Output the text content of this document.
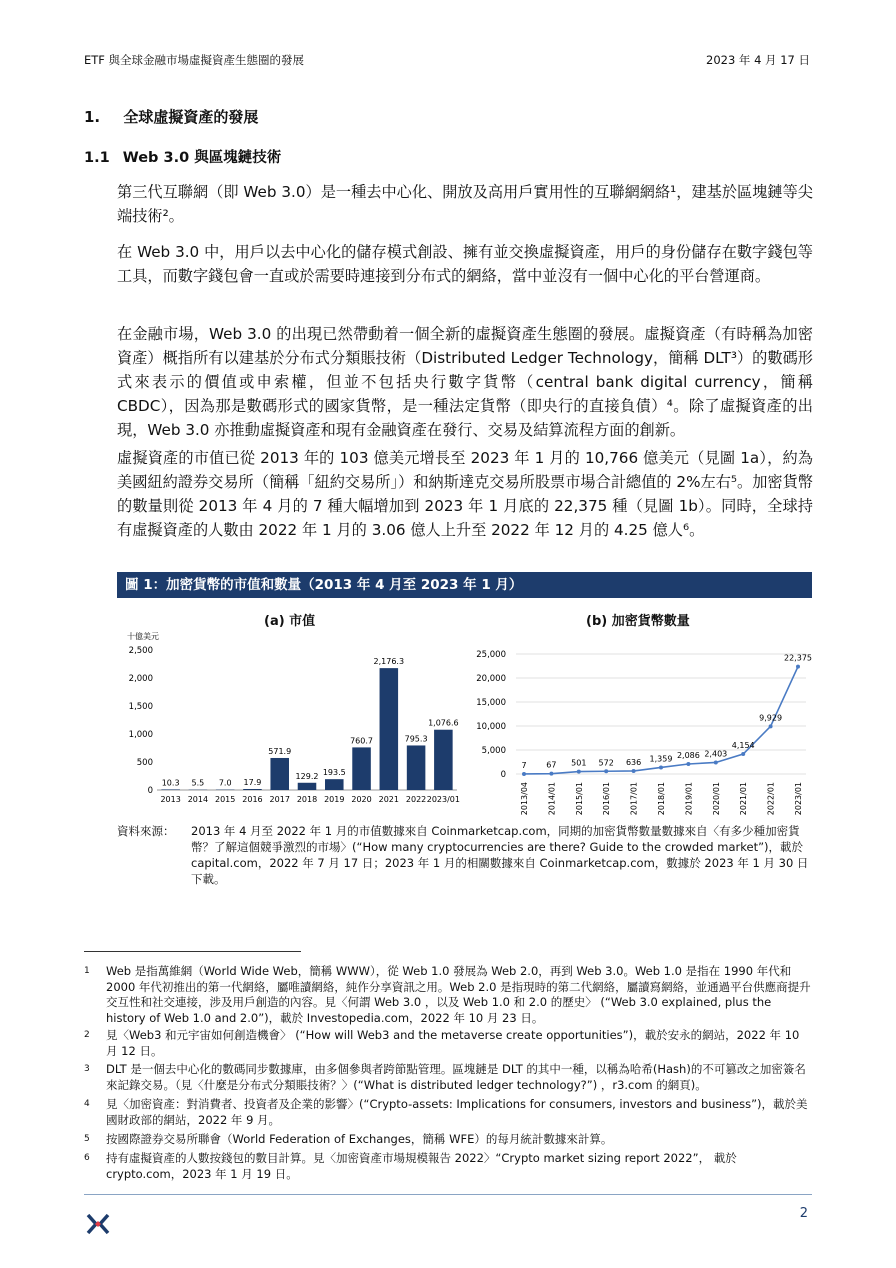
ETF 與全球金融市場虛擬資產生態圈的發展	2023 年 4 月 17 日
1. 全球虛擬資產的發展
1.1 Web 3.0 與區塊鏈技術
第三代互聯網（即 Web 3.0）是一種去中心化、開放及高用戶實用性的互聯網網絡¹，建基於區塊鏈等尖端技術²。
在 Web 3.0 中，用戶以去中心化的儲存模式創設、擁有並交換虛擬資產，用戶的身份儲存在數字錢包等工具，而數字錢包會一直或於需要時連接到分布式的網絡，當中並沒有一個中心化的平台營運商。
在金融市場，Web 3.0 的出現已然帶動着一個全新的虛擬資產生態圈的發展。虛擬資產（有時稱為加密資產）概指所有以建基於分布式分類賬技術（Distributed Ledger Technology，簡稱 DLT³）的數碼形式來表示的價值或申索權，但並不包括央行數字貨幣（central bank digital currency，簡稱 CBDC），因為那是數碼形式的國家貨幣，是一種法定貨幣（即央行的直接負債）⁴。除了虛擬資產的出現，Web 3.0 亦推動虛擬資產和現有金融資產在發行、交易及結算流程方面的創新。
虛擬資產的市值已從 2013 年的 103 億美元增長至 2023 年 1 月的 10,766 億美元（見圖 1a），約為美國紐約證券交易所（簡稱「紐約交易所」）和納斯達克交易所股票市場合計總值的 2%左右⁵。加密貨幣的數量則從 2013 年 4 月的 7 種大幅增加到 2023 年 1 月底的 22,375 種（見圖 1b）。同時，全球持有虛擬資產的人數由 2022 年 1 月的 3.06 億人上升至 2022 年 12 月的 4.25 億人⁶。
圖 1：加密貨幣的市值和數量（2013 年 4 月至 2023 年 1 月）
(a) 市值	(b) 加密貨幣數量
十億美元
0
500
1,000
1,500
2,000
2,500
10.3
2013
5.5
2014
7.0
2015
17.9
2016
571.9
2017
129.2
2018
193.5
2019
760.7
2020
2,176.3
2021
795.3
2022
1,076.6
2023/01
0
5,000
10,000
15,000
20,000
25,000
7
2013/04
67
2014/01
501
2015/01
572
2016/01
636
2017/01
1,359
2018/01
2,086
2019/01
2,403
2020/01
4,154
2021/01
9,929
2022/01
22,375
2023/01
資料來源： 2013 年 4 月至 2022 年 1 月的市值數據來自 Coinmarketcap.com，同期的加密貨幣數量數據來自〈有多少種加密貨幣？了解這個競爭激烈的市場〉(“How many cryptocurrencies are there? Guide to the crowded market”)，載於 capital.com，2022 年 7 月 17 日；2023 年 1 月的相關數據來自 Coinmarketcap.com，數據於 2023 年 1 月 30 日下載。
1 Web 是指萬維網（World Wide Web，簡稱 WWW），從 Web 1.0 發展為 Web 2.0，再到 Web 3.0。Web 1.0 是指在 1990 年代和 2000 年代初推出的第一代網絡，屬唯讀網絡，純作分享資訊之用。Web 2.0 是指現時的第二代網絡，屬讀寫網絡，並通過平台供應商提升交互性和社交連接，涉及用戶創造的內容。見〈何謂 Web 3.0 ，以及 Web 1.0 和 2.0 的歷史〉 (“Web 3.0 explained, plus the history of Web 1.0 and 2.0”)，載於 Investopedia.com，2022 年 10 月 23 日。
2 見〈Web3 和元宇宙如何創造機會〉 (“How will Web3 and the metaverse create opportunities”)，載於安永的網站，2022 年 10 月 12 日。
3 DLT 是一個去中心化的數碼同步數據庫，由多個參與者跨節點管理。區塊鏈是 DLT 的其中一種，以稱為哈希(Hash)的不可篡改之加密簽名來記錄交易。（見〈什麼是分布式分類賬技術？〉(“What is distributed ledger technology?”) ，r3.com 的網頁)。
4 見〈加密資產：對消費者、投資者及企業的影響〉(“Crypto-assets: Implications for consumers, investors and business”)，載於美國財政部的網站，2022 年 9 月。
5 按國際證券交易所聯會（World Federation of Exchanges，簡稱 WFE）的每月統計數據來計算。
6 持有虛擬資產的人數按錢包的數目計算。見〈加密資產市場規模報告 2022〉“Crypto market sizing report 2022”， 載於 crypto.com，2023 年 1 月 19 日。
2
